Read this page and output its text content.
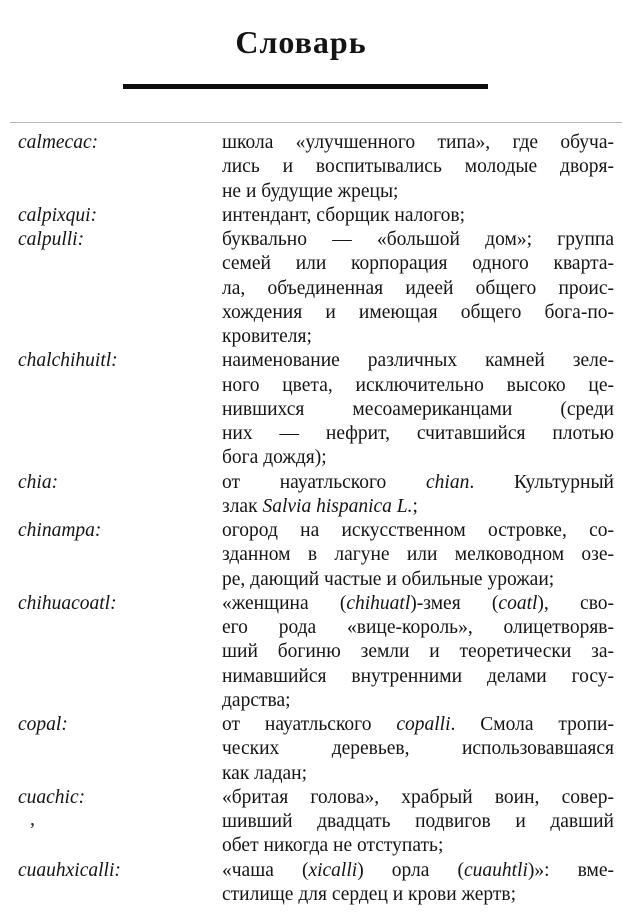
Словарь
calmecac:	школа «улучшенного типа», где обуча-
лись и воспитывались молодые дворя-
не и будущие жрецы;
calpixqui:	интендант, сборщик налогов;
calpulli:	буквально — «большой дом»; группа
семей или корпорация одного кварта-
ла, объединенная идеей общего проис-
хождения и имеющая общего бога-по-
кровителя;
chalchihuitl:	наименование различных камней зеле-
ного цвета, исключительно высоко це-
нившихся месоамериканцами (среди
них — нефрит, считавшийся плотью
бога дождя);
chia:	от науатльского chian. Культурный
злак Salvia hispanica L.;
chinampa:	огород на искусственном островке, со-
зданном в лагуне или мелководном озе-
ре, дающий частые и обильные урожаи;
chihuacoatl:	«женщина (chihuatl)-змея (coatl), сво-
его рода «вице-король», олицетворяв-
ший богиню земли и теоретически за-
нимавшийся внутренними делами госу-
дарства;
copal:	от науатльского copalli. Смола тропи-
ческих деревьев, использовавшаяся
как ладан;
cuachic:	«бритая голова», храбрый воин, совер-
шивший двадцать подвигов и давший
обет никогда не отступать;
cuauhxicalli:	«чаша (xicalli) орла (cuauhtli)»: вме-
стилище для сердец и крови жертв;
,
